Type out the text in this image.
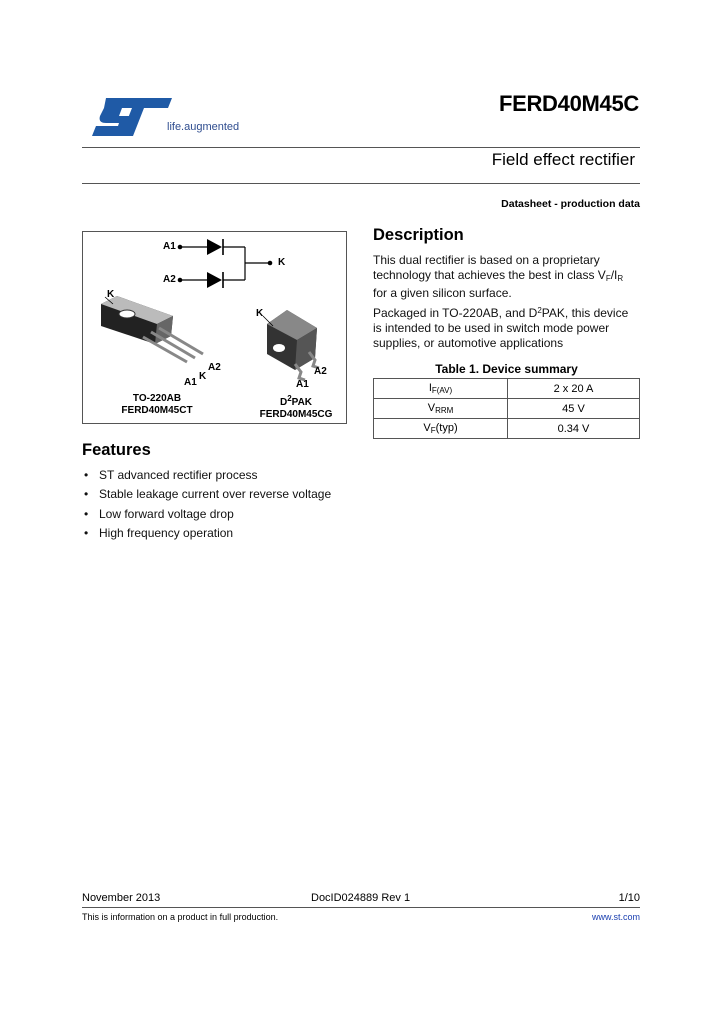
life.augmented
FERD40M45C
Field effect rectifier
Datasheet - production data
A1
A2
K
K
A2
K
A1
K
A2
A1
TO-220AB
FERD40M45CT
$D^2PAK$
FERD40M45CG
Features
• ST advanced rectifier process
• Stable leakage current over reverse voltage
• Low forward voltage drop
• High frequency operation
Description
This dual rectifier is based on a proprietary
technology that achieves the best in class $V_F/I_R$
for a given silicon surface.
Packaged in TO-220AB, and $D^2PAK$, this device
is intended to be used in switch mode power
supplies, or automotive applications
Table 1. Device summary
$I_{F(AV)}$	2 x 20 A
$V_{RRM}$	45 V
$V_F(typ)$	0.34 V
November 2013	DocID024889 Rev 1	1/10
This is information on a product in full production.	www.st.com
